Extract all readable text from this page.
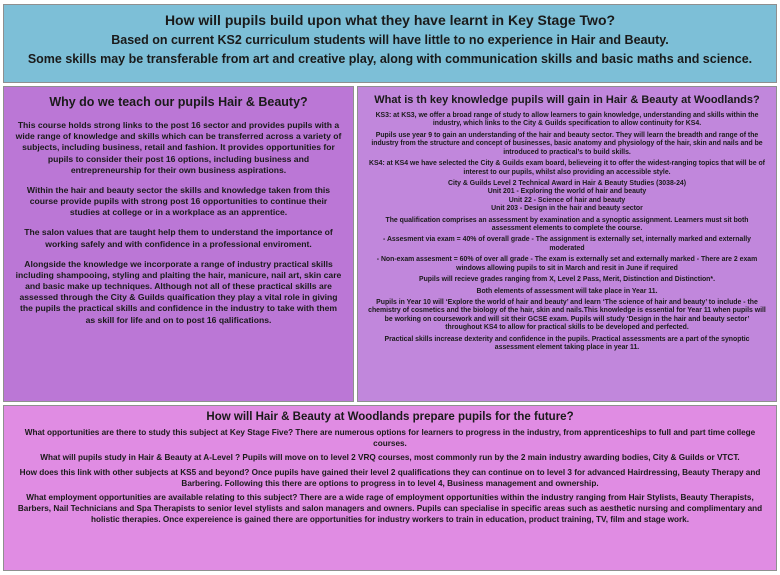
How will pupils build upon what they have learnt in Key Stage Two?
Based on current KS2 curriculum students will have little to no experience in Hair and Beauty.
Some skills may be transferable from art and creative play, along with communication skills and basic maths and science.
Why do we teach our pupils Hair & Beauty?

This course holds strong links to the post 16 sector and provides pupils with a wide range of knowledge and skills which can be transferred across a variety of subjects, including business, retail and fashion. It provides opportunities for pupils to consider their post 16 options, including business and entrepreneurship for their own business aspirations.

Within the hair and beauty sector the skills and knowledge taken from this course provide pupils with strong post 16 opportunities to continue their studies at college or in a workplace as an apprentice.

The salon values that are taught help them to understand the importance of working safely and with confidence in a professional enviroment.

Alongside the knowledge we incorporate a range of industry practical skills including shampooing, styling and plaiting the hair, manicure, nail art, skin care and basic make up techniques. Although not all of these practical skills are assessed through the City & Guilds quaification they play a vital role in giving the pupils the practical skills and confidence in the industry to take with them as skill for life and on to post 16 qalifications.

What is th key knowledge pupils will gain in Hair & Beauty at Woodlands?

KS3: at KS3, we offer a broad range of study to allow learners to gain knowledge, understanding and skills within the industry, which links to the City & Guilds specification to allow continuity for KS4.

Pupils use year 9 to gain an understanding of the hair and beauty sector. They will learn the breadth and range of the industry from the structure and concept of businesses, basic anatomy and physiology of the hair, skin and nails and be introduced to practical’s to build skills.

KS4: at KS4 we have selected the City & Guilds exam board, believeing it to offer the widest-ranging topics that will be of interest to our pupils, whilst also providing an accessible style.

City & Guilds Level 2 Technical Award in Hair & Beauty Studies (3038-24)

Unit 201 - Exploring the world of hair and beauty

Unit 22 - Science of hair and beauty

Unit 203 - Design in the hair and beauty sector

The qualification comprises an assessment by examination and a synoptic assignment. Learners must sit both assessment elements to complete the course.

- Assesment via exam = 40% of overall grade - The assignment is externally set, internally marked and externally moderated

- Non-exam assesment = 60% of over all grade - The exam is externally set and externally marked - There are 2 exam windows allowing pupils to sit in March and resit in June if required

Pupils will recieve grades ranging from X, Level 2 Pass, Merit, Distinction and Distinction*.

Both elements of assessment will take place in Year 11.

Pupils in Year 10 will ‘Explore the world of hair and beauty’ and learn ‘The science of hair and beauty’ to include - the chemistry of cosmetics and the biology of the hair, skin and nails.This knowledge is essential for Year 11 when pupils will be working on coursework and will sit their GCSE exam. Pupils will study ‘Design in the hair and beauty sector’ throughout KS4 to allow for practical skills to be developed and perfected.

Practical skills increase dexterity and confidence in the pupils. Practical assessments are a part of the synoptic assessment element taking place in year 11.

How will Hair & Beauty at Woodlands prepare pupils for the future?

What opportunities are there to study this subject at Key Stage Five? There are numerous options for learners to progress in the industry, from apprenticeships to full and part time college courses.

What will pupils study in Hair & Beauty at A-Level ? Pupils will move on to level 2 VRQ courses, most commonly run by the 2 main industry awarding bodies, City & Guilds or VTCT.

How does this link with other subjects at KS5 and beyond? Once pupils have gained their level 2 qualifications they can continue on to level 3 for advanced Hairdressing, Beauty Therapy and Barbering. Following this there are options to progress in to level 4, Business management and ownership.

What employment opportunities are available relating to this subject? There are a wide rage of employment opportunities within the industry ranging from Hair Stylists, Beauty Therapists, Barbers, Nail Technicians and Spa Therapists to senior level stylists and salon managers and owners. Pupils can specialise in specific areas such as aesthetic nursing and complimentary and holistic therapies. Once expereience is gained there are opportunities for industry workers to train in education, product training, TV, film and stage work.
